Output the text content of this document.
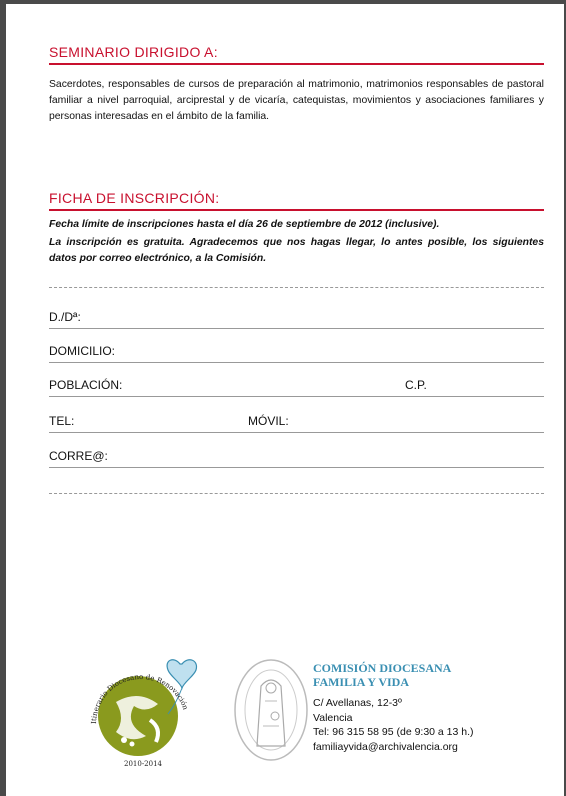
SEMINARIO DIRIGIDO A:
Sacerdotes, responsables de cursos de preparación al matrimonio, matrimonios responsables de pastoral familiar a nivel parroquial, arciprestal y de vicaría, catequistas, movimientos y asociaciones familiares y personas interesadas en el ámbito de la familia.
FICHA DE INSCRIPCIÓN:
Fecha límite de inscripciones hasta el día 26 de septiembre de 2012 (inclusive).
La inscripción es gratuita. Agradecemos que nos hagas llegar, lo antes posible, los siguientes datos por correo electrónico, a la Comisión.
D./Dª:
DOMICILIO:
POBLACIÓN:	C.P.
TEL:	MÓVIL:
CORRE@:
Itinerario Diocesano de Renovación
2010-2014
COMISIÓN DIOCESANA
FAMILIA Y VIDA
C/ Avellanas, 12-3º
Valencia
Tel: 96 315 58 95 (de 9:30 a 13 h.)
familiayvida@archivalencia.org
